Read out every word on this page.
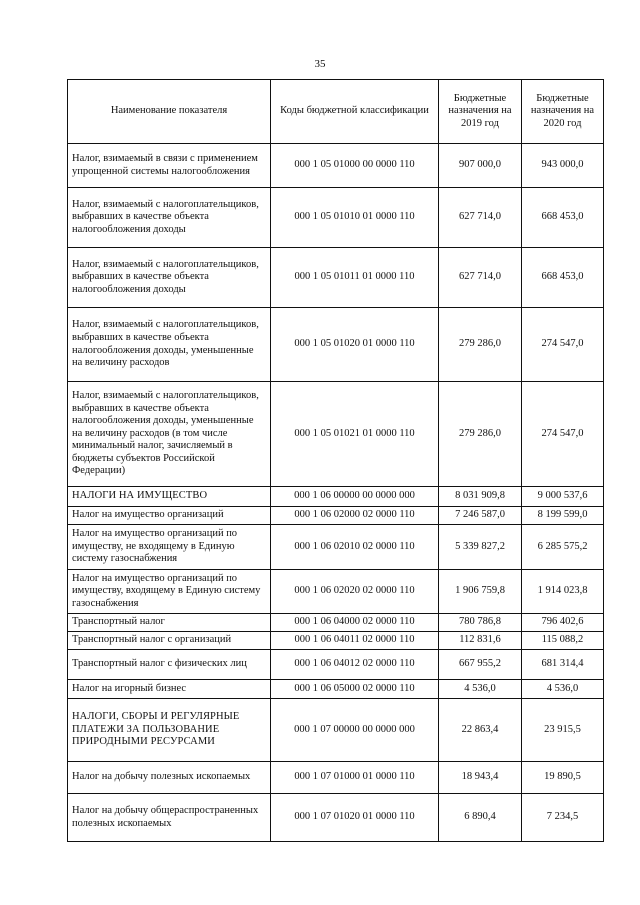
35
Наименование показателя	Коды бюджетной классификации	Бюджетные назначения на 2019 год	Бюджетные назначения на 2020 год
Налог, взимаемый в связи с применением упрощенной системы налогообложения	000 1 05 01000 00 0000 110	907 000,0	943 000,0
Налог, взимаемый с налогоплательщиков, выбравших в качестве объекта налогообложения доходы	000 1 05 01010 01 0000 110	627 714,0	668 453,0
Налог, взимаемый с налогоплательщиков, выбравших в качестве объекта налогообложения доходы	000 1 05 01011 01 0000 110	627 714,0	668 453,0
Налог, взимаемый с налогоплательщиков, выбравших в качестве объекта налогообложения доходы, уменьшенные на величину расходов	000 1 05 01020 01 0000 110	279 286,0	274 547,0
Налог, взимаемый с налогоплательщиков, выбравших в качестве объекта налогообложения доходы, уменьшенные на величину расходов (в том числе минимальный налог, зачисляемый в бюджеты субъектов Российской Федерации)	000 1 05 01021 01 0000 110	279 286,0	274 547,0
НАЛОГИ НА ИМУЩЕСТВО	000 1 06 00000 00 0000 000	8 031 909,8	9 000 537,6
Налог на имущество организаций	000 1 06 02000 02 0000 110	7 246 587,0	8 199 599,0
Налог на имущество организаций по имуществу, не входящему в Единую систему газоснабжения	000 1 06 02010 02 0000 110	5 339 827,2	6 285 575,2
Налог на имущество организаций по имуществу, входящему в Единую систему газоснабжения	000 1 06 02020 02 0000 110	1 906 759,8	1 914 023,8
Транспортный налог	000 1 06 04000 02 0000 110	780 786,8	796 402,6
Транспортный налог с организаций	000 1 06 04011 02 0000 110	112 831,6	115 088,2
Транспортный налог с физических лиц	000 1 06 04012 02 0000 110	667 955,2	681 314,4
Налог на игорный бизнес	000 1 06 05000 02 0000 110	4 536,0	4 536,0
НАЛОГИ, СБОРЫ И РЕГУЛЯРНЫЕ ПЛАТЕЖИ ЗА ПОЛЬЗОВАНИЕ ПРИРОДНЫМИ РЕСУРСАМИ	000 1 07 00000 00 0000 000	22 863,4	23 915,5
Налог на добычу полезных ископаемых	000 1 07 01000 01 0000 110	18 943,4	19 890,5
Налог на добычу общераспространенных полезных ископаемых	000 1 07 01020 01 0000 110	6 890,4	7 234,5
